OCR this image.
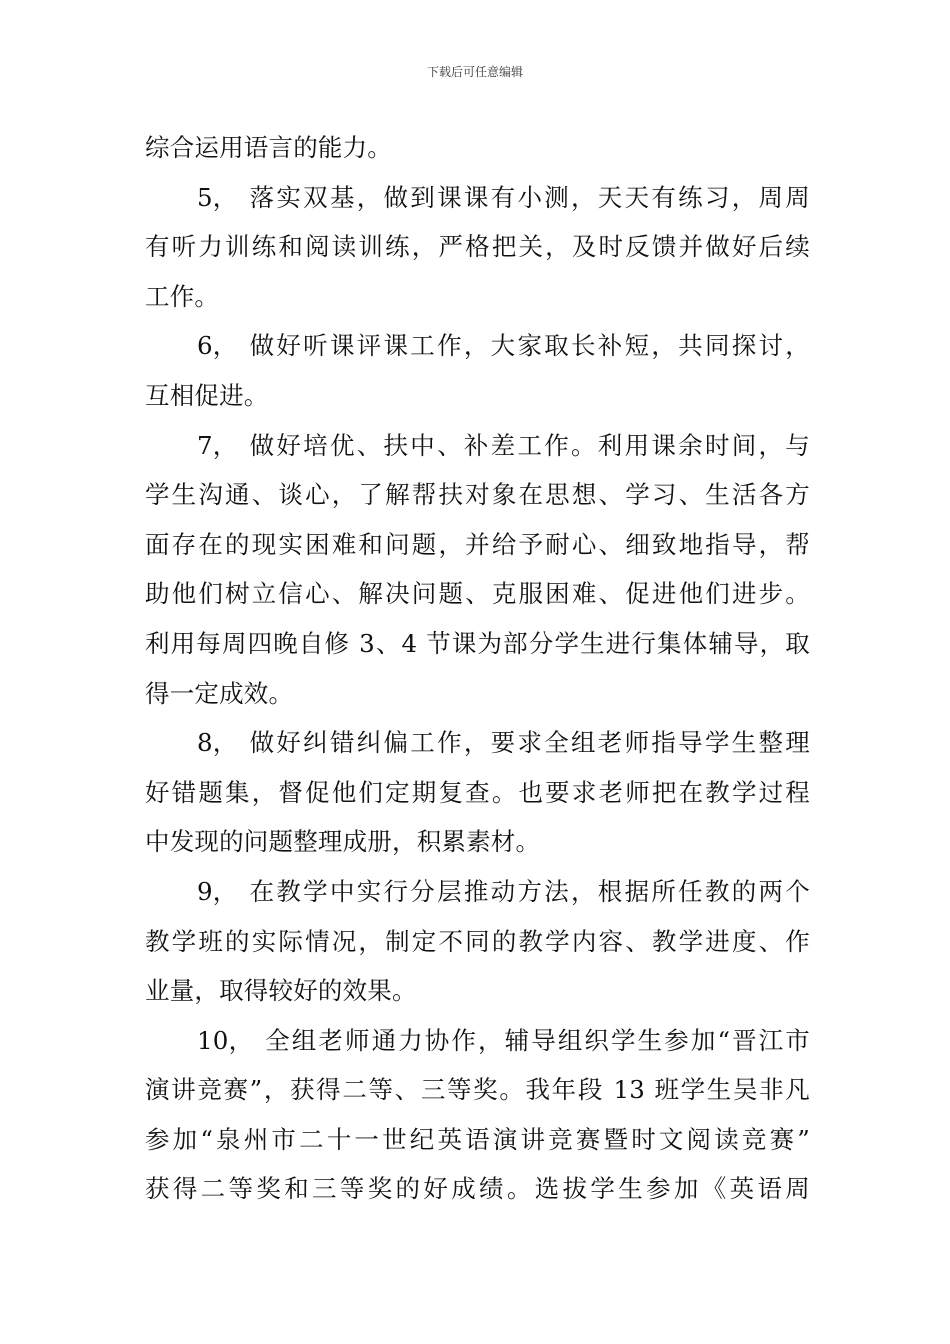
下载后可任意编辑

综合运用语言的能力。

5， 落实双基，做到课课有小测，天天有练习，周周
有听力训练和阅读训练，严格把关，及时反馈并做好后续
工作。

6， 做好听课评课工作，大家取长补短，共同探讨，
互相促进。

7， 做好培优、扶中、补差工作。利用课余时间，与
学生沟通、谈心，了解帮扶对象在思想、学习、生活各方
面存在的现实困难和问题，并给予耐心、细致地指导，帮
助他们树立信心、解决问题、克服困难、促进他们进步。
利用每周四晚自修 3、4 节课为部分学生进行集体辅导，取
得一定成效。

8， 做好纠错纠偏工作，要求全组老师指导学生整理
好错题集，督促他们定期复查。也要求老师把在教学过程
中发现的问题整理成册，积累素材。

9， 在教学中实行分层推动方法，根据所任教的两个
教学班的实际情况，制定不同的教学内容、教学进度、作
业量，取得较好的效果。

10， 全组老师通力协作，辅导组织学生参加“晋江市
演讲竞赛”，获得二等、三等奖。我年段 13 班学生吴非凡
参加“泉州市二十一世纪英语演讲竞赛暨时文阅读竞赛”
获得二等奖和三等奖的好成绩。选拔学生参加《英语周
